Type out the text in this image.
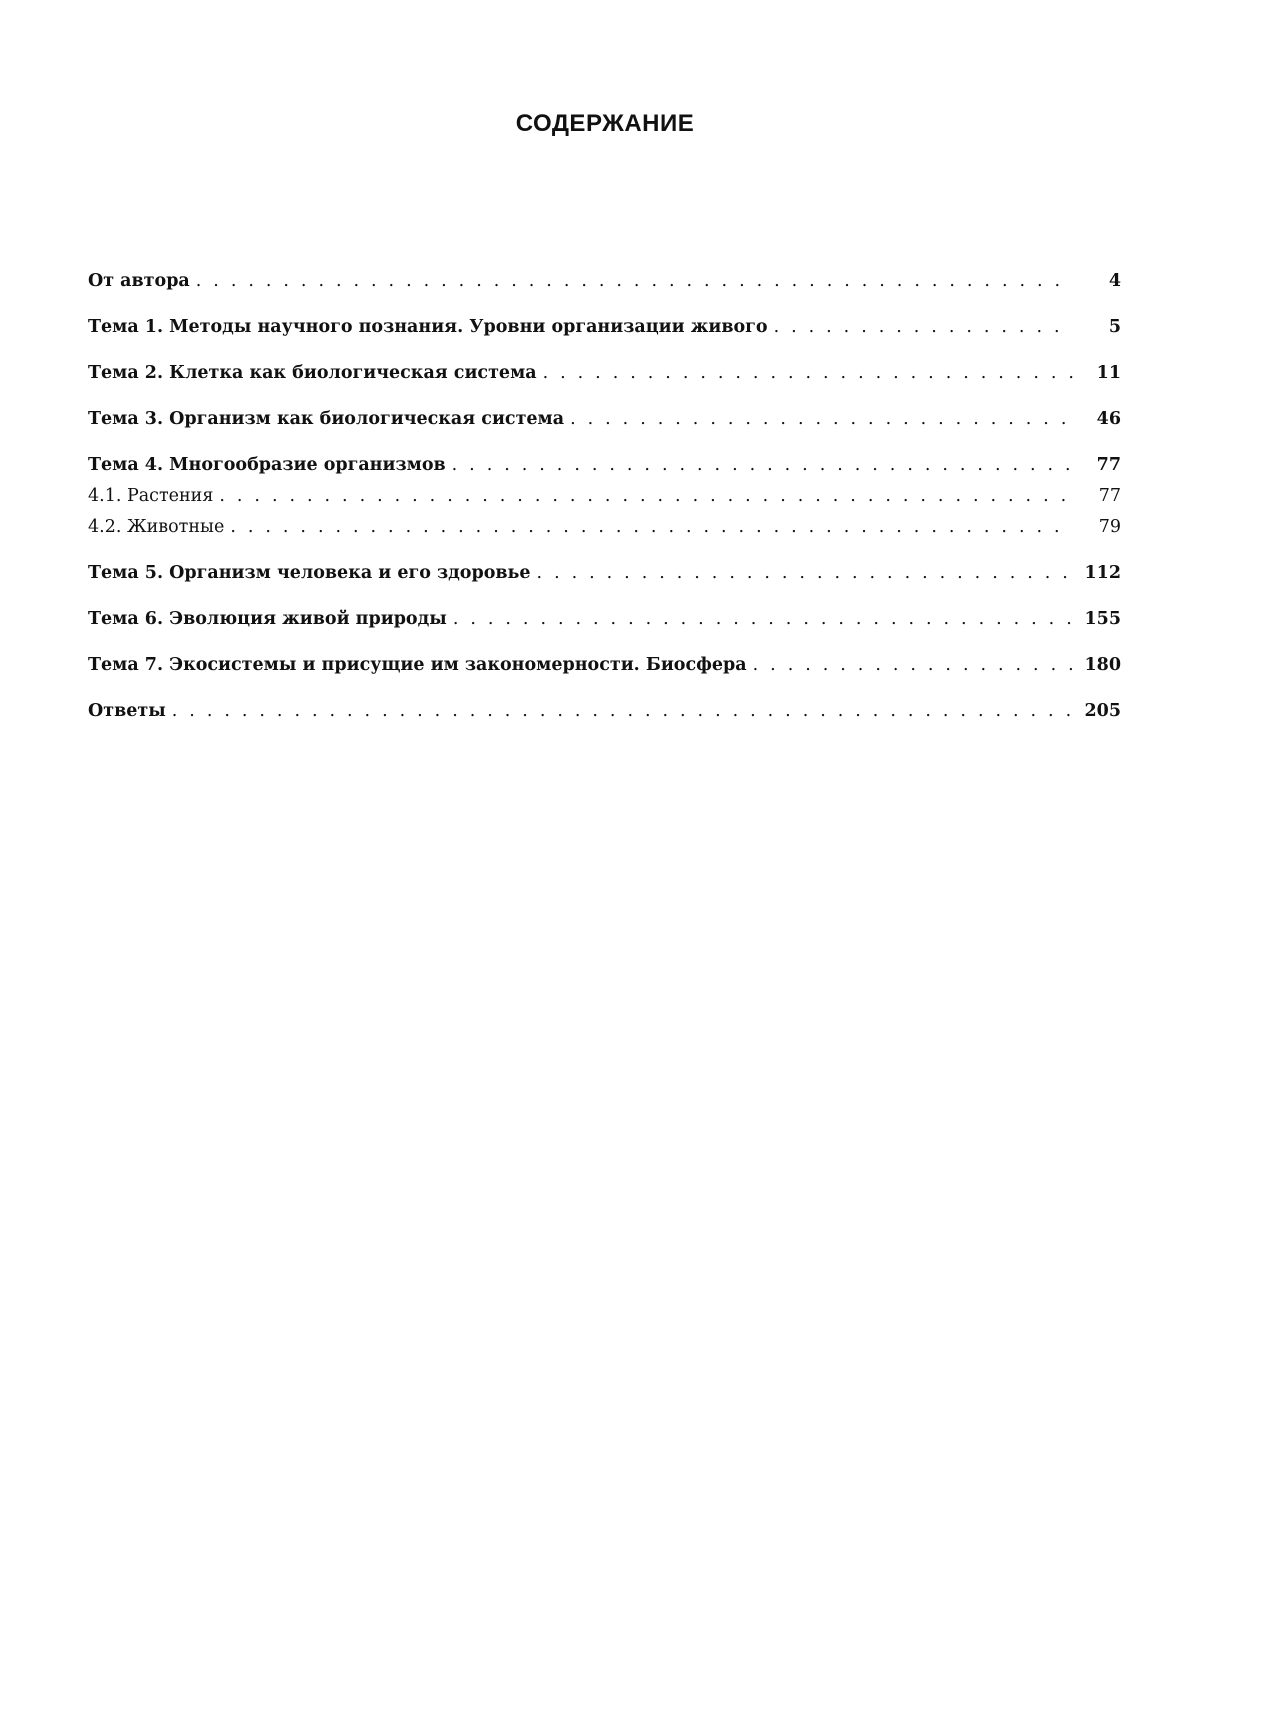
СОДЕРЖАНИЕ
От автора . . .	4
Тема 1. Методы научного познания. Уровни организации живого . . .	5
Тема 2. Клетка как биологическая система . . .	11
Тема 3. Организм как биологическая система . . .	46
Тема 4. Многообразие организмов . . .	77
4.1. Растения . . .	77
4.2. Животные . . .	79
Тема 5. Организм человека и его здоровье . . .	112
Тема 6. Эволюция живой природы . . .	155
Тема 7. Экосистемы и присущие им закономерности. Биосфера . . .	180
Ответы . . .	205
